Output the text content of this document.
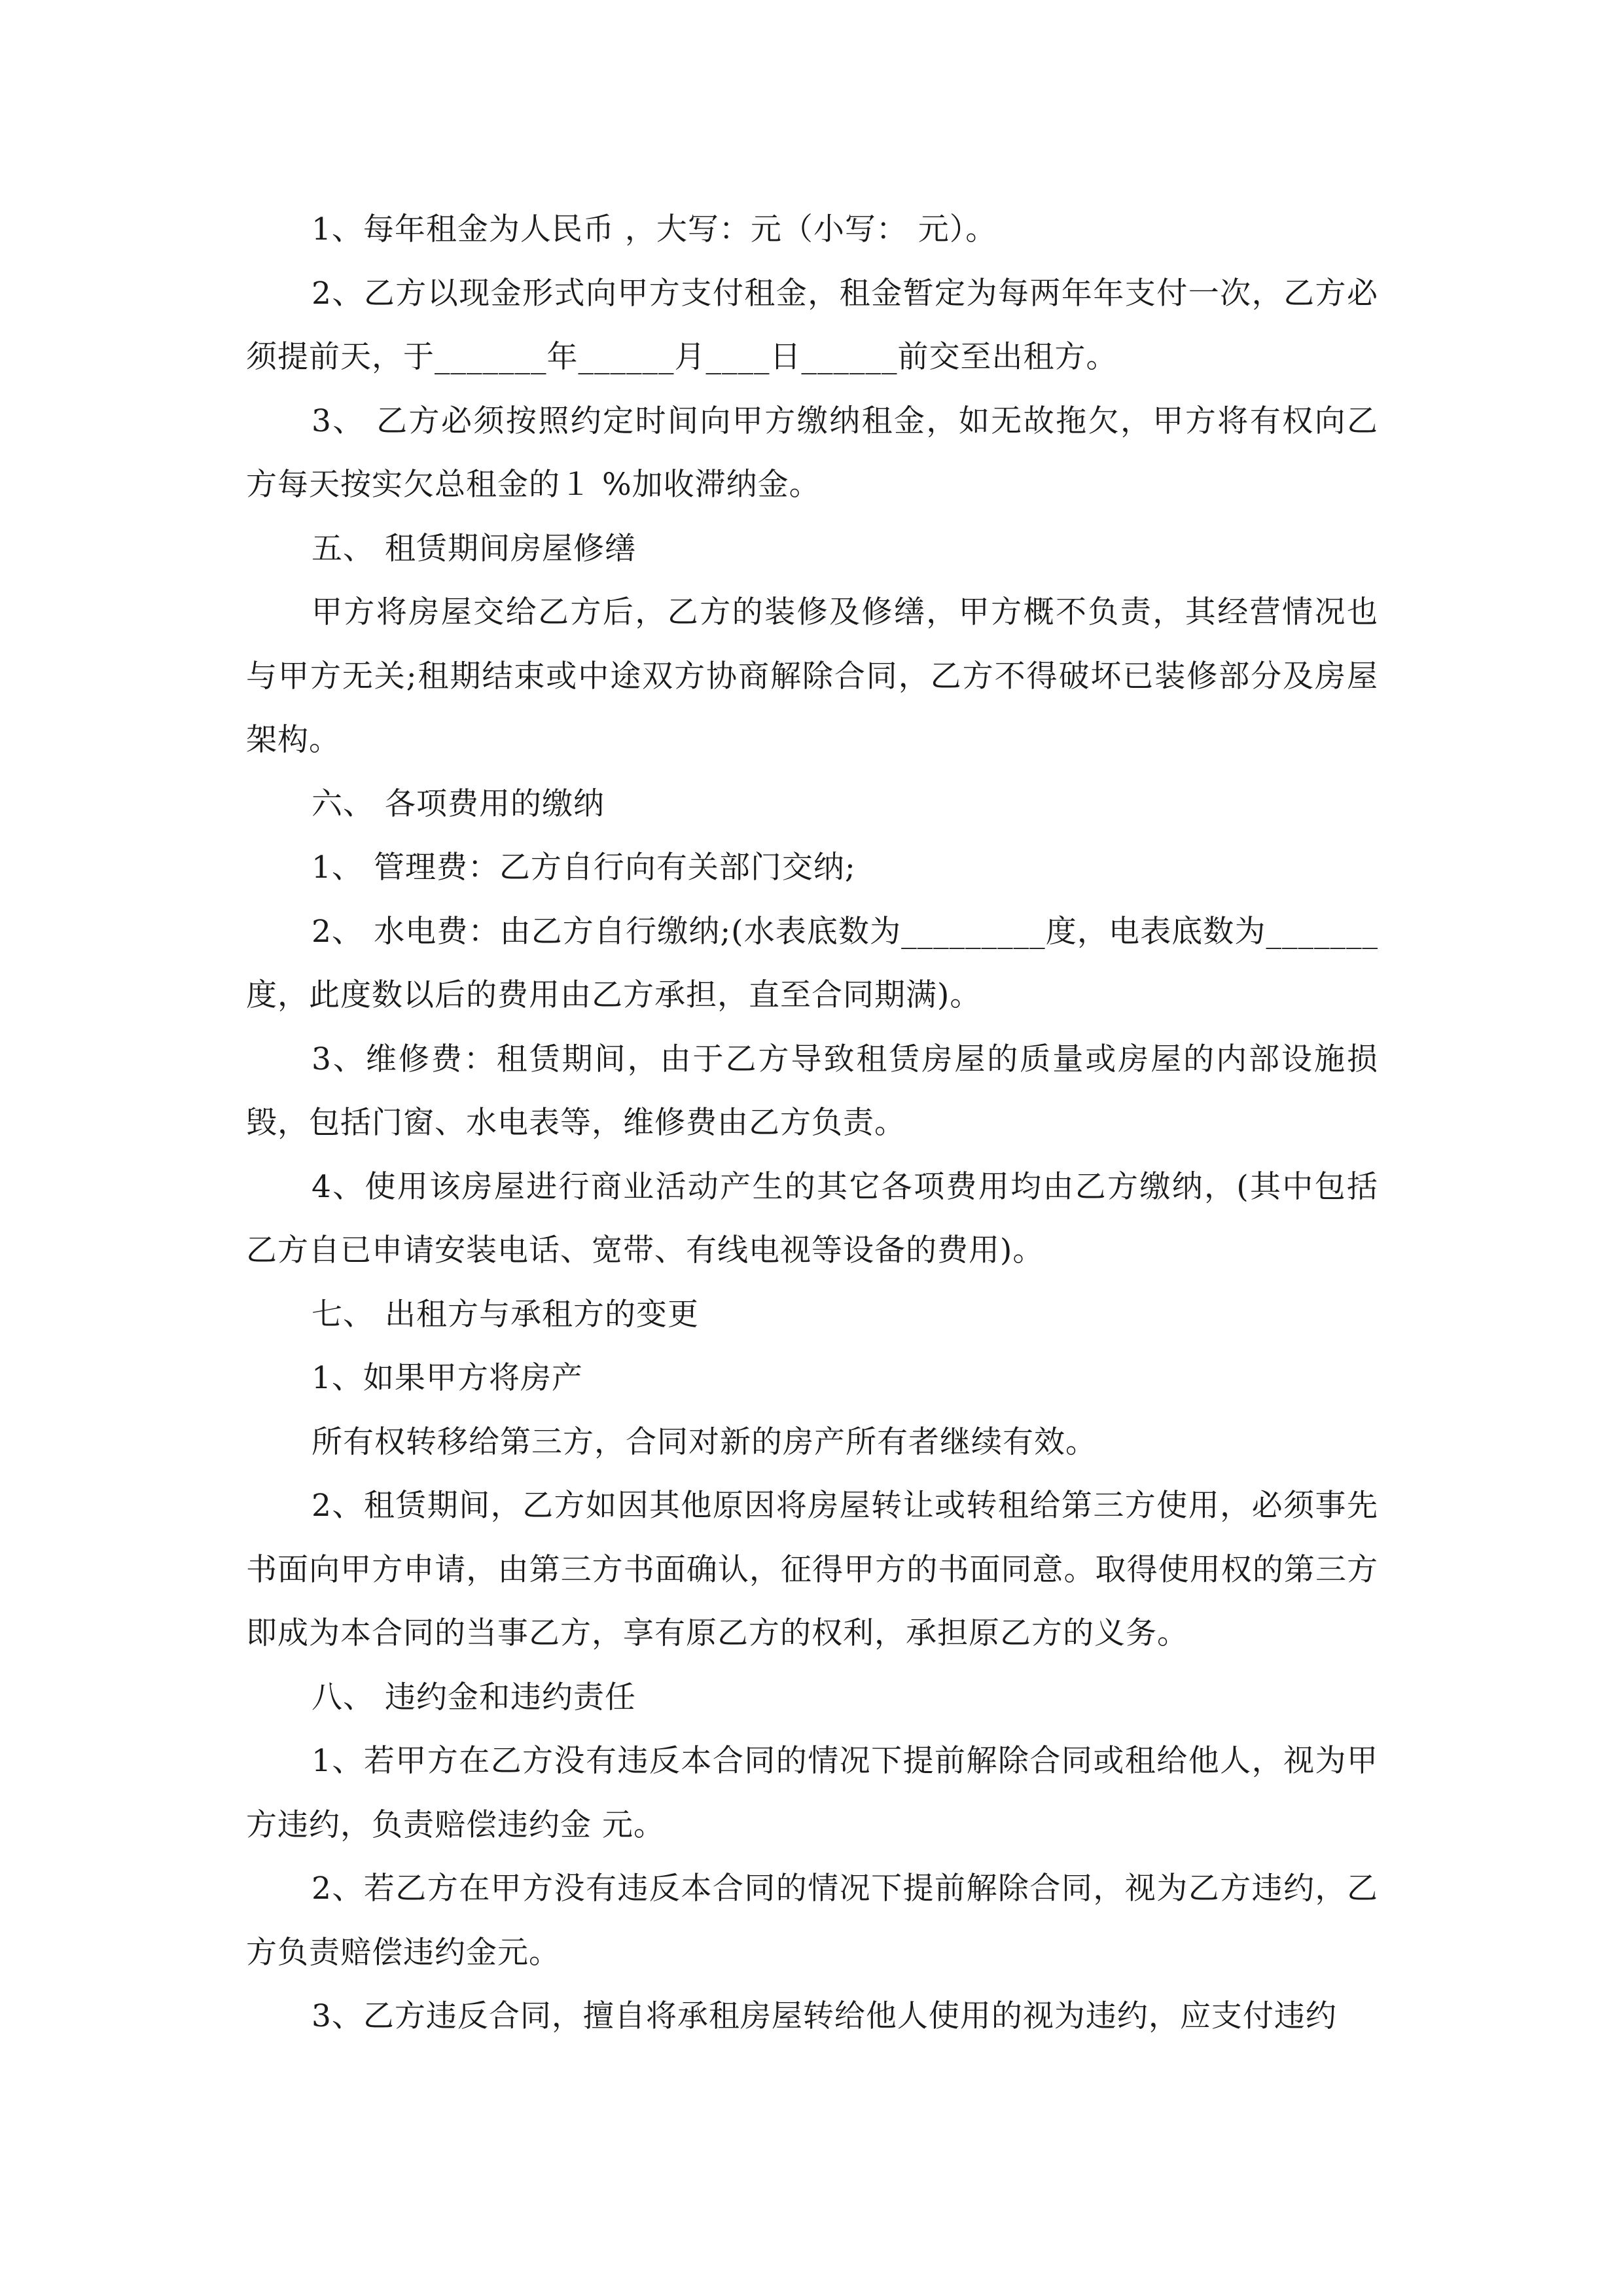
1、每年租金为人民币 ，大写：元（小写： 元）。

2、乙方以现金形式向甲方支付租金，租金暂定为每两年年支付一次，乙方必须提前天，于_______年______月____日______前交至出租方。

3、 乙方必须按照约定时间向甲方缴纳租金，如无故拖欠，甲方将有权向乙方每天按实欠总租金的１ %加收滞纳金。

五、 租赁期间房屋修缮

甲方将房屋交给乙方后，乙方的装修及修缮，甲方概不负责，其经营情况也与甲方无关;租期结束或中途双方协商解除合同，乙方不得破坏已装修部分及房屋架构。

六、 各项费用的缴纳

1、 管理费：乙方自行向有关部门交纳;

2、 水电费：由乙方自行缴纳;(水表底数为_________度，电表底数为_______度，此度数以后的费用由乙方承担，直至合同期满)。

3、维修费：租赁期间，由于乙方导致租赁房屋的质量或房屋的内部设施损毁，包括门窗、水电表等，维修费由乙方负责。

4、使用该房屋进行商业活动产生的其它各项费用均由乙方缴纳，(其中包括乙方自已申请安装电话、宽带、有线电视等设备的费用)。

七、 出租方与承租方的变更

1、如果甲方将房产

所有权转移给第三方，合同对新的房产所有者继续有效。

2、租赁期间，乙方如因其他原因将房屋转让或转租给第三方使用，必须事先书面向甲方申请，由第三方书面确认，征得甲方的书面同意。取得使用权的第三方即成为本合同的当事乙方，享有原乙方的权利，承担原乙方的义务。

八、 违约金和违约责任

1、若甲方在乙方没有违反本合同的情况下提前解除合同或租给他人，视为甲方违约，负责赔偿违约金 元。

2、若乙方在甲方没有违反本合同的情况下提前解除合同，视为乙方违约，乙方负责赔偿违约金元。

3、乙方违反合同，擅自将承租房屋转给他人使用的视为违约，应支付违约
